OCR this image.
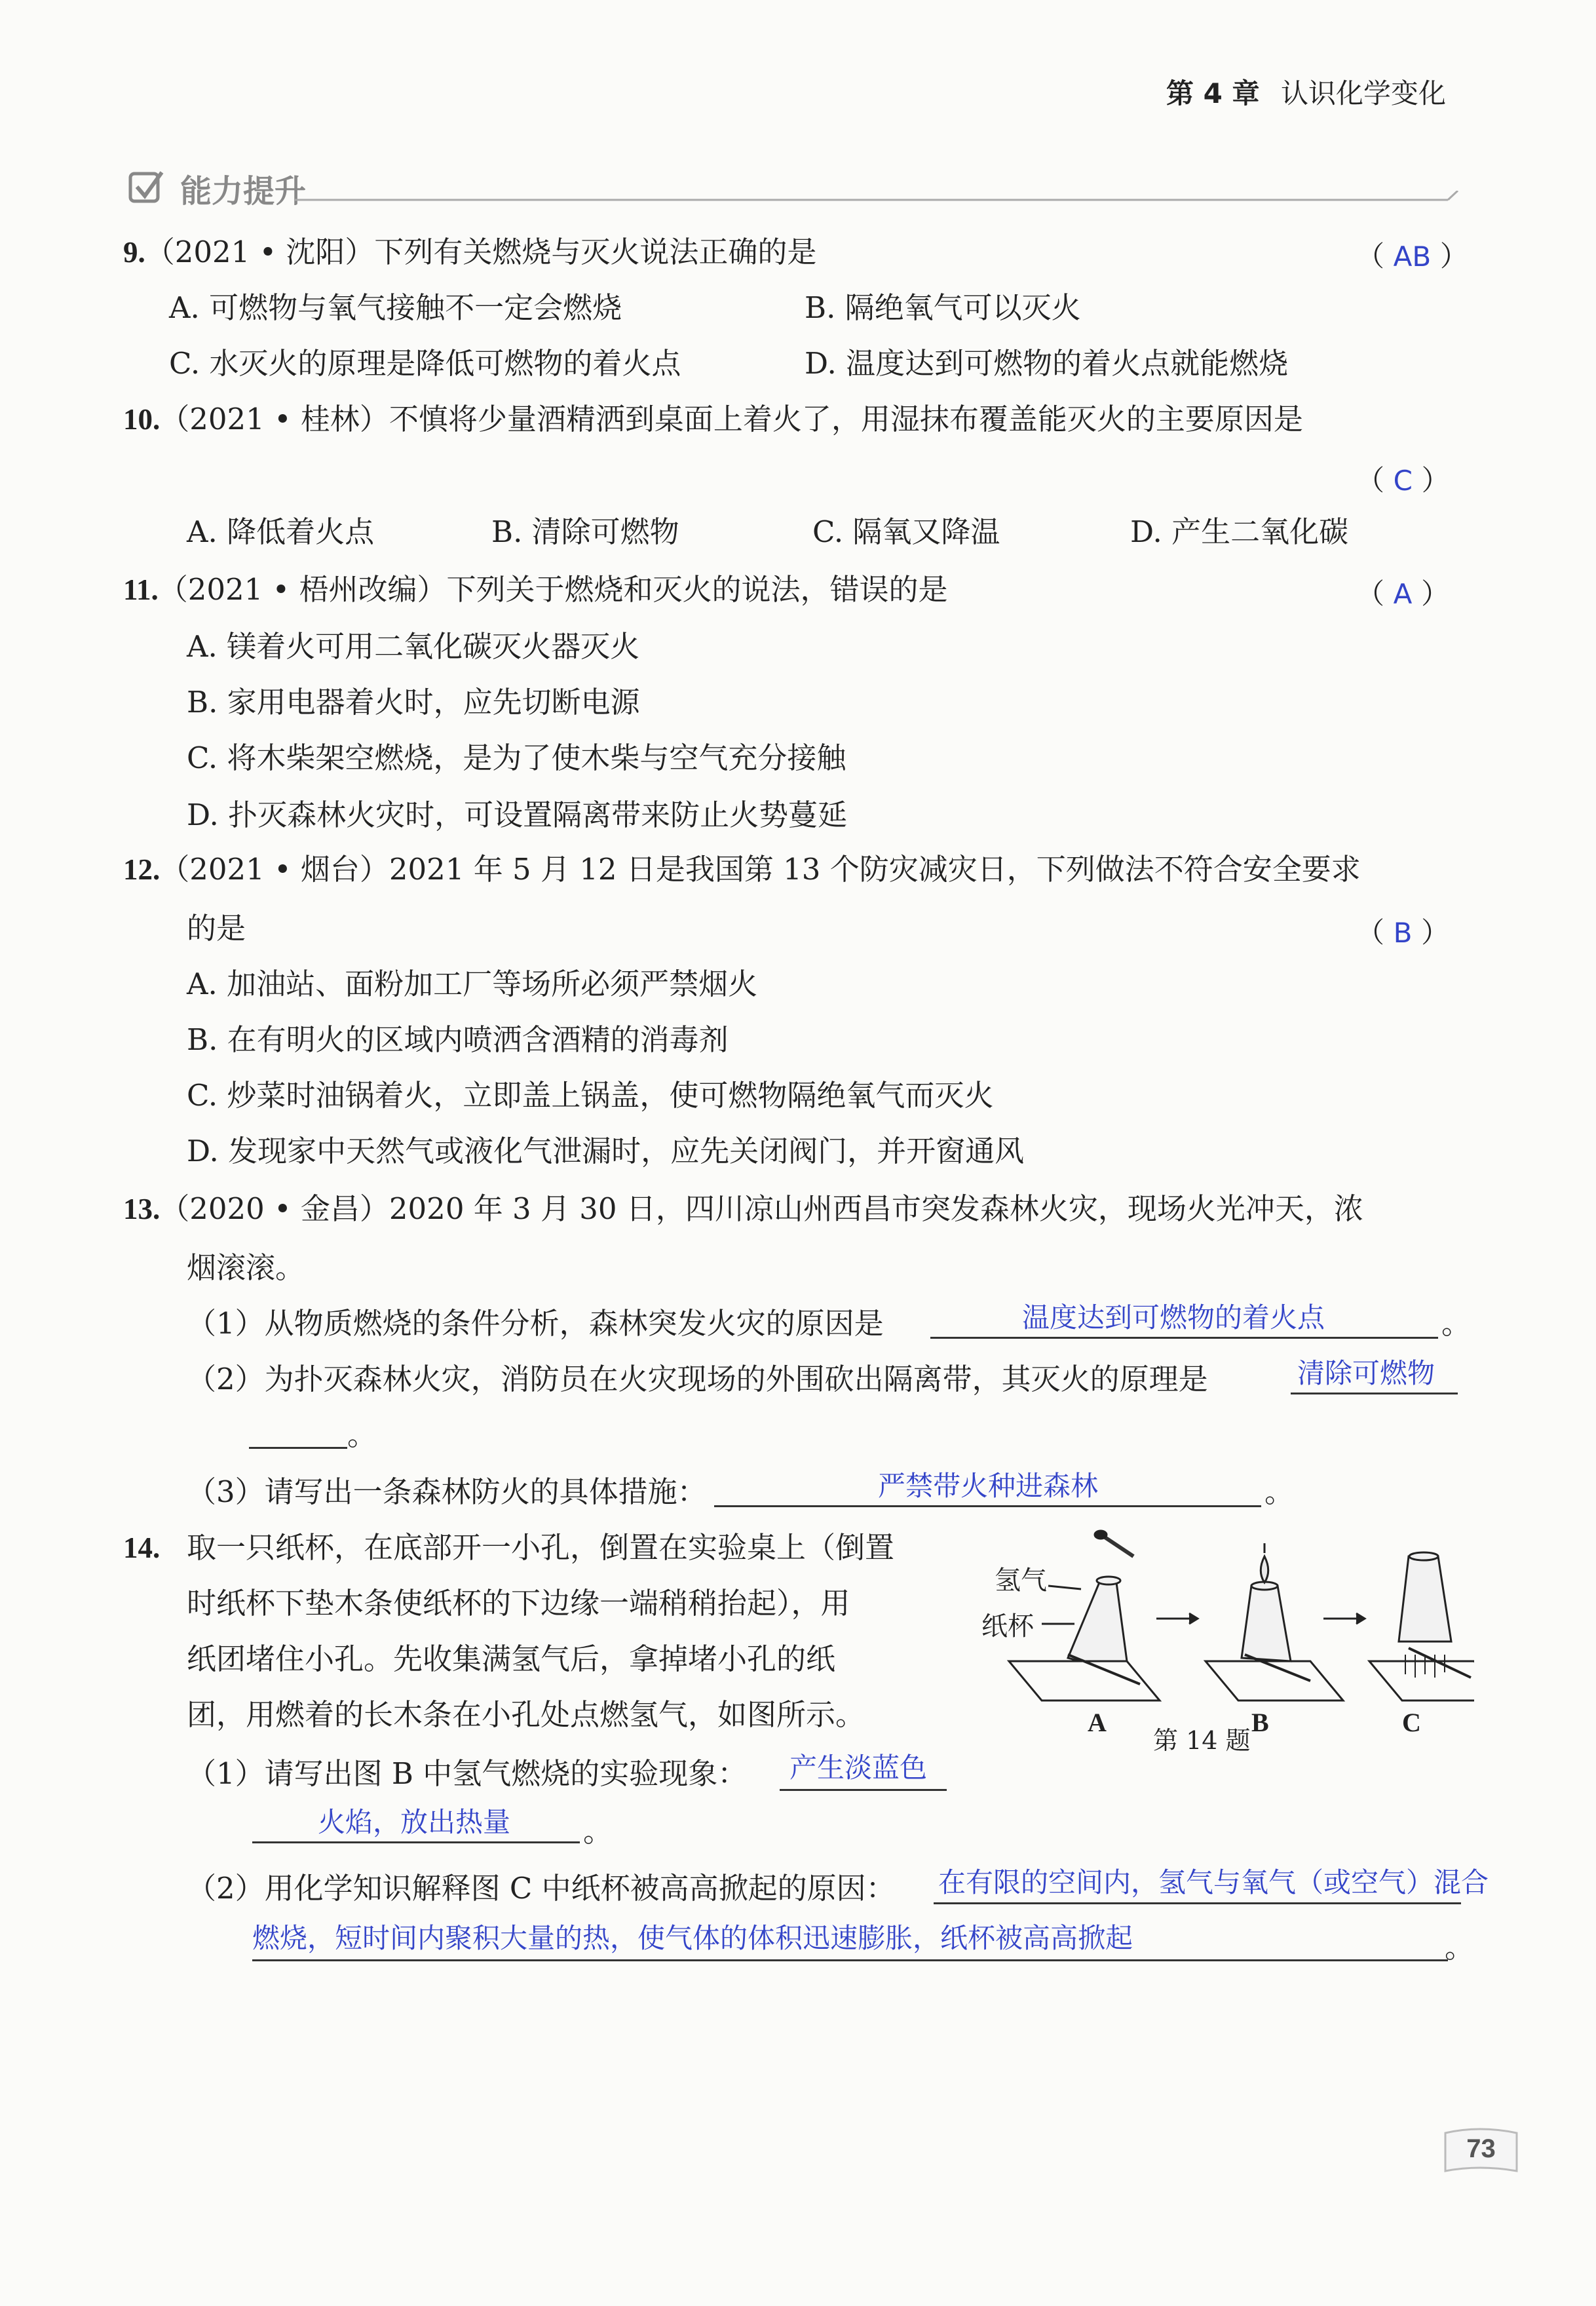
第 4 章 认识化学变化
能力提升
9.（2021 • 沈阳）下列有关燃烧与灭火说法正确的是	（ AB ）
A. 可燃物与氧气接触不一定会燃烧	B. 隔绝氧气可以灭火
C. 水灭火的原理是降低可燃物的着火点	D. 温度达到可燃物的着火点就能燃烧
10.（2021 • 桂林）不慎将少量酒精洒到桌面上着火了，用湿抹布覆盖能灭火的主要原因是
（ C ）
A. 降低着火点	B. 清除可燃物	C. 隔氧又降温	D. 产生二氧化碳
11.（2021 • 梧州改编）下列关于燃烧和灭火的说法，错误的是	（ A ）
A. 镁着火可用二氧化碳灭火器灭火
B. 家用电器着火时，应先切断电源
C. 将木柴架空燃烧，是为了使木柴与空气充分接触
D. 扑灭森林火灾时，可设置隔离带来防止火势蔓延
12.（2021 • 烟台）2021 年 5 月 12 日是我国第 13 个防灾减灾日，下列做法不符合安全要求
的是	（ B ）
A. 加油站、面粉加工厂等场所必须严禁烟火
B. 在有明火的区域内喷洒含酒精的消毒剂
C. 炒菜时油锅着火，立即盖上锅盖，使可燃物隔绝氧气而灭火
D. 发现家中天然气或液化气泄漏时，应先关闭阀门，并开窗通风
13.（2020 • 金昌）2020 年 3 月 30 日，四川凉山州西昌市突发森林火灾，现场火光冲天，浓
烟滚滚。
（1）从物质燃烧的条件分析，森林突发火灾的原因是	温度达到可燃物的着火点	。
（2）为扑灭森林火灾，消防员在火灾现场的外围砍出隔离带，其灭火的原理是	清除可燃物
。
（3）请写出一条森林防火的具体措施：	严禁带火种进森林	。
14. 取一只纸杯，在底部开一小孔，倒置在实验桌上（倒置
时纸杯下垫木条使纸杯的下边缘一端稍稍抬起），用
纸团堵住小孔。先收集满氢气后，拿掉堵小孔的纸
团，用燃着的长木条在小孔处点燃氢气，如图所示。
（1）请写出图 B 中氢气燃烧的实验现象： 产生淡蓝色
火焰，放出热量 。
（2）用化学知识解释图 C 中纸杯被高高掀起的原因： 在有限的空间内，氢气与氧气（或空气）混合
燃烧，短时间内聚积大量的热，使气体的体积迅速膨胀，纸杯被高高掀起	。
氢气
纸杯
A	B	C
第 14 题
73
